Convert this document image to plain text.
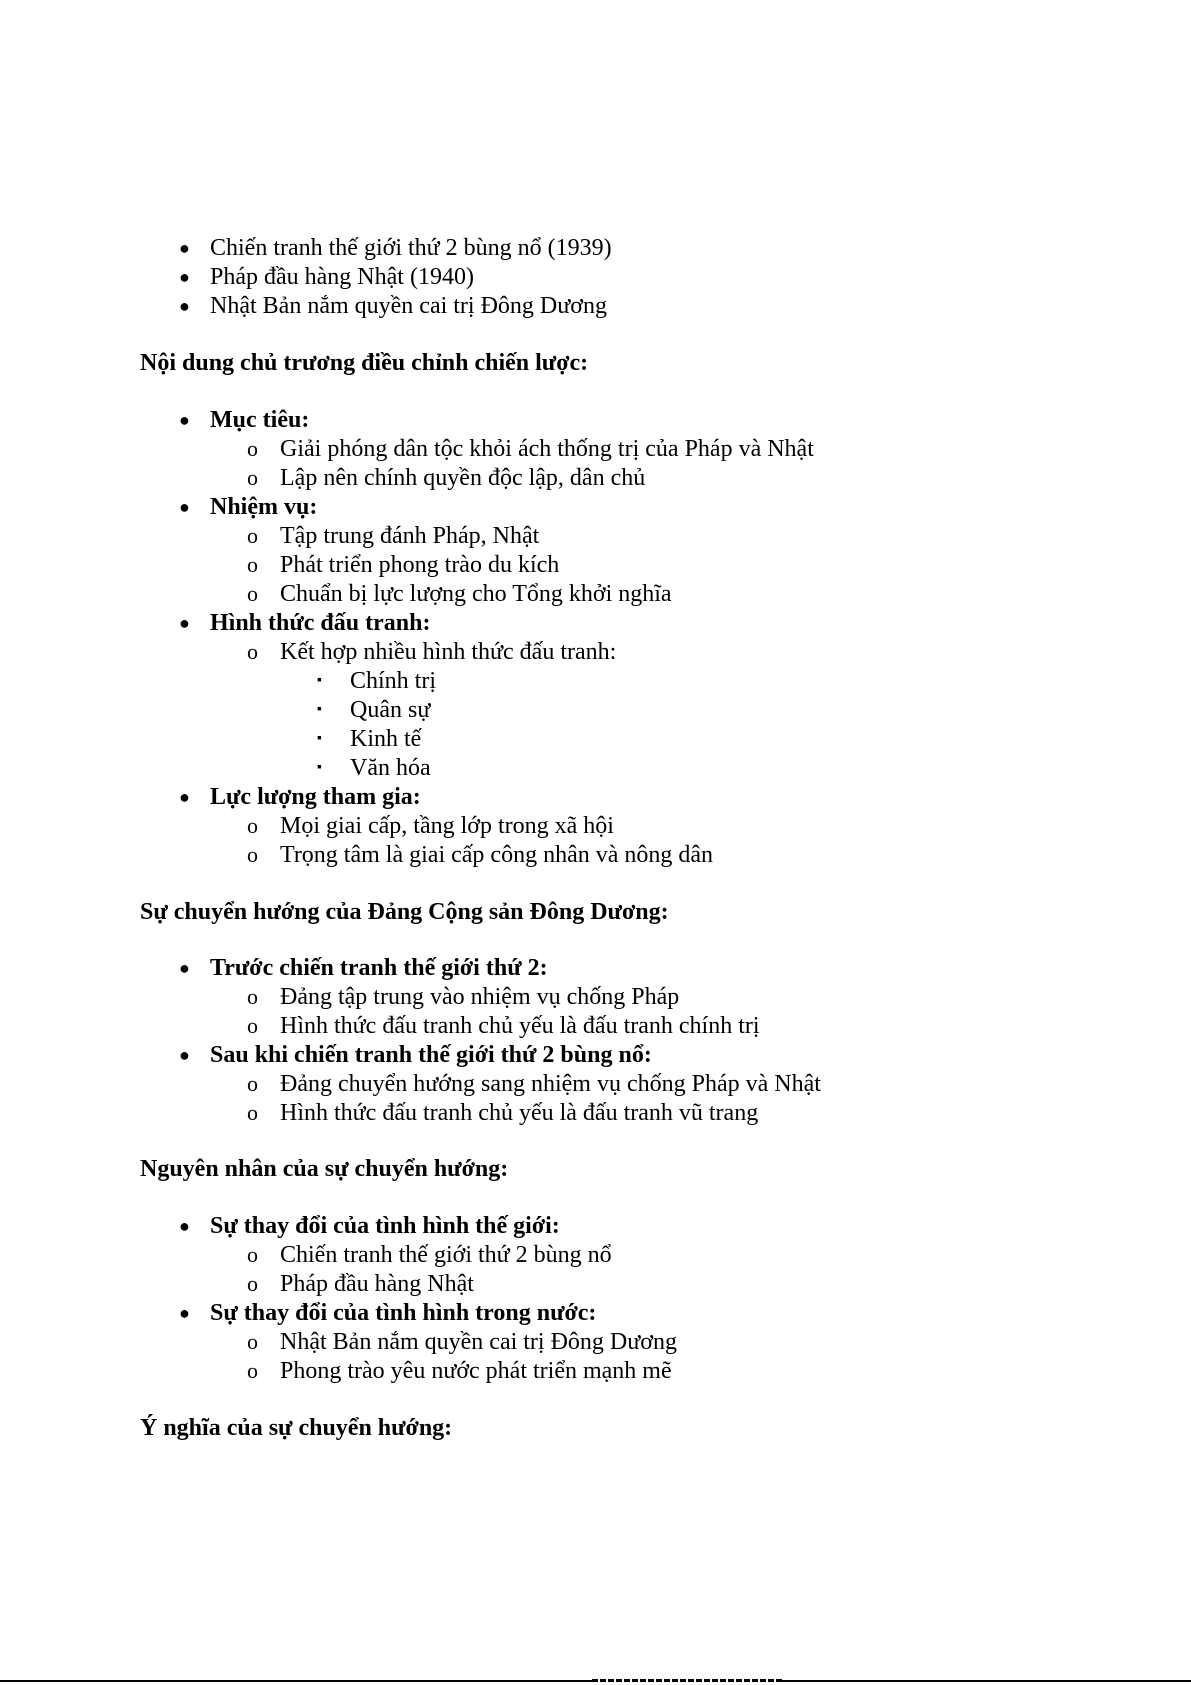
● Chiến tranh thế giới thứ 2 bùng nổ (1939)
● Pháp đầu hàng Nhật (1940)
● Nhật Bản nắm quyền cai trị Đông Dương
Nội dung chủ trương điều chỉnh chiến lược:
● Mục tiêu:
o Giải phóng dân tộc khỏi ách thống trị của Pháp và Nhật
o Lập nên chính quyền độc lập, dân chủ
● Nhiệm vụ:
o Tập trung đánh Pháp, Nhật
o Phát triển phong trào du kích
o Chuẩn bị lực lượng cho Tổng khởi nghĩa
● Hình thức đấu tranh:
o Kết hợp nhiều hình thức đấu tranh:
▪ Chính trị
▪ Quân sự
▪ Kinh tế
▪ Văn hóa
● Lực lượng tham gia:
o Mọi giai cấp, tầng lớp trong xã hội
o Trọng tâm là giai cấp công nhân và nông dân
Sự chuyển hướng của Đảng Cộng sản Đông Dương:
● Trước chiến tranh thế giới thứ 2:
o Đảng tập trung vào nhiệm vụ chống Pháp
o Hình thức đấu tranh chủ yếu là đấu tranh chính trị
● Sau khi chiến tranh thế giới thứ 2 bùng nổ:
o Đảng chuyển hướng sang nhiệm vụ chống Pháp và Nhật
o Hình thức đấu tranh chủ yếu là đấu tranh vũ trang
Nguyên nhân của sự chuyển hướng:
● Sự thay đổi của tình hình thế giới:
o Chiến tranh thế giới thứ 2 bùng nổ
o Pháp đầu hàng Nhật
● Sự thay đổi của tình hình trong nước:
o Nhật Bản nắm quyền cai trị Đông Dương
o Phong trào yêu nước phát triển mạnh mẽ
Ý nghĩa của sự chuyển hướng:
